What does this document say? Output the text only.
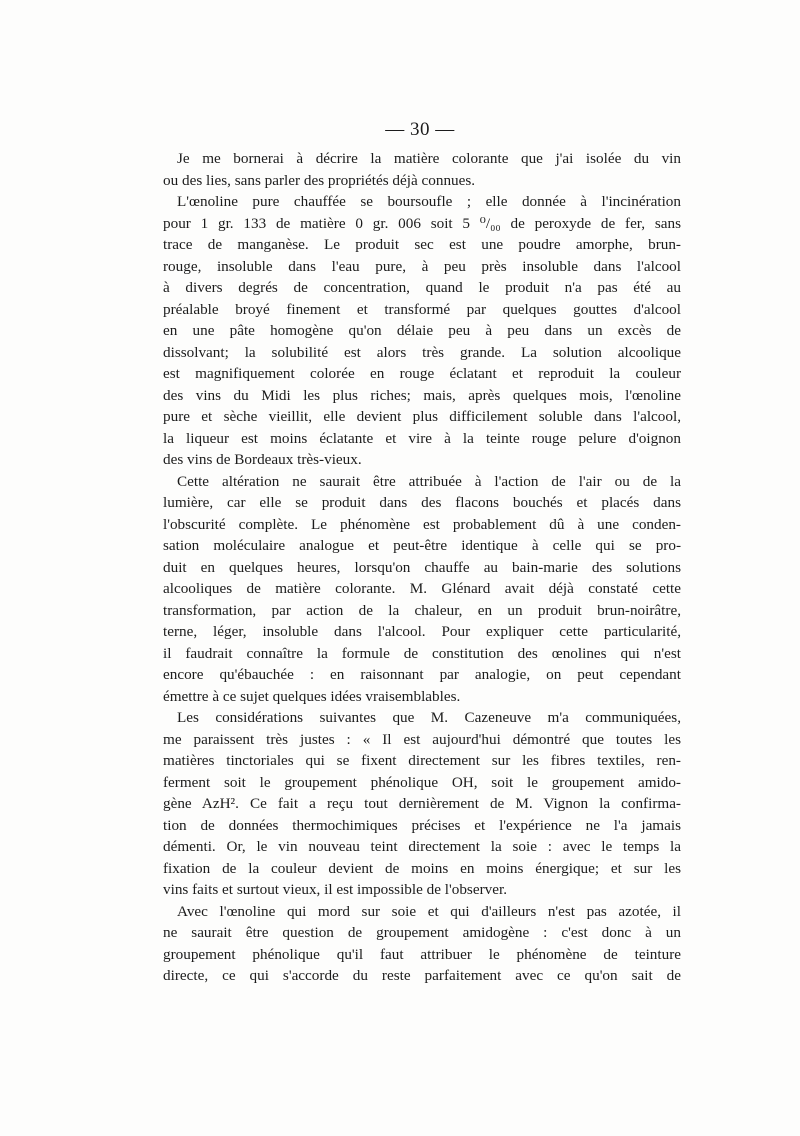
— 30 —
Je me bornerai à décrire la matière colorante que j'ai isolée du vin
ou des lies, sans parler des propriétés déjà connues.
L'œnoline pure chauffée se boursoufle ; elle donnée à l'incinération
pour 1 gr. 133 de matière 0 gr. 006 soit 5 ⁰/₀₀ de peroxyde de fer, sans
trace de manganèse. Le produit sec est une poudre amorphe, brun-
rouge, insoluble dans l'eau pure, à peu près insoluble dans l'alcool
à divers degrés de concentration, quand le produit n'a pas été au
préalable broyé finement et transformé par quelques gouttes d'alcool
en une pâte homogène qu'on délaie peu à peu dans un excès de
dissolvant; la solubilité est alors très grande. La solution alcoolique
est magnifiquement colorée en rouge éclatant et reproduit la couleur
des vins du Midi les plus riches; mais, après quelques mois, l'œnoline
pure et sèche vieillit, elle devient plus difficilement soluble dans l'alcool,
la liqueur est moins éclatante et vire à la teinte rouge pelure d'oignon
des vins de Bordeaux très-vieux.
Cette altération ne saurait être attribuée à l'action de l'air ou de la
lumière, car elle se produit dans des flacons bouchés et placés dans
l'obscurité complète. Le phénomène est probablement dû à une conden-
sation moléculaire analogue et peut-être identique à celle qui se pro-
duit en quelques heures, lorsqu'on chauffe au bain-marie des solutions
alcooliques de matière colorante. M. Glénard avait déjà constaté cette
transformation, par action de la chaleur, en un produit brun-noirâtre,
terne, léger, insoluble dans l'alcool. Pour expliquer cette particularité,
il faudrait connaître la formule de constitution des œnolines qui n'est
encore qu'ébauchée : en raisonnant par analogie, on peut cependant
émettre à ce sujet quelques idées vraisemblables.
Les considérations suivantes que M. Cazeneuve m'a communiquées,
me paraissent très justes : « Il est aujourd'hui démontré que toutes les
matières tinctoriales qui se fixent directement sur les fibres textiles, ren-
ferment soit le groupement phénolique OH, soit le groupement amido-
gène AzH². Ce fait a reçu tout dernièrement de M. Vignon la confirma-
tion de données thermochimiques précises et l'expérience ne l'a jamais
démenti. Or, le vin nouveau teint directement la soie : avec le temps la
fixation de la couleur devient de moins en moins énergique; et sur les
vins faits et surtout vieux, il est impossible de l'observer.
Avec l'œnoline qui mord sur soie et qui d'ailleurs n'est pas azotée, il
ne saurait être question de groupement amidogène : c'est donc à un
groupement phénolique qu'il faut attribuer le phénomène de teinture
directe, ce qui s'accorde du reste parfaitement avec ce qu'on sait de
